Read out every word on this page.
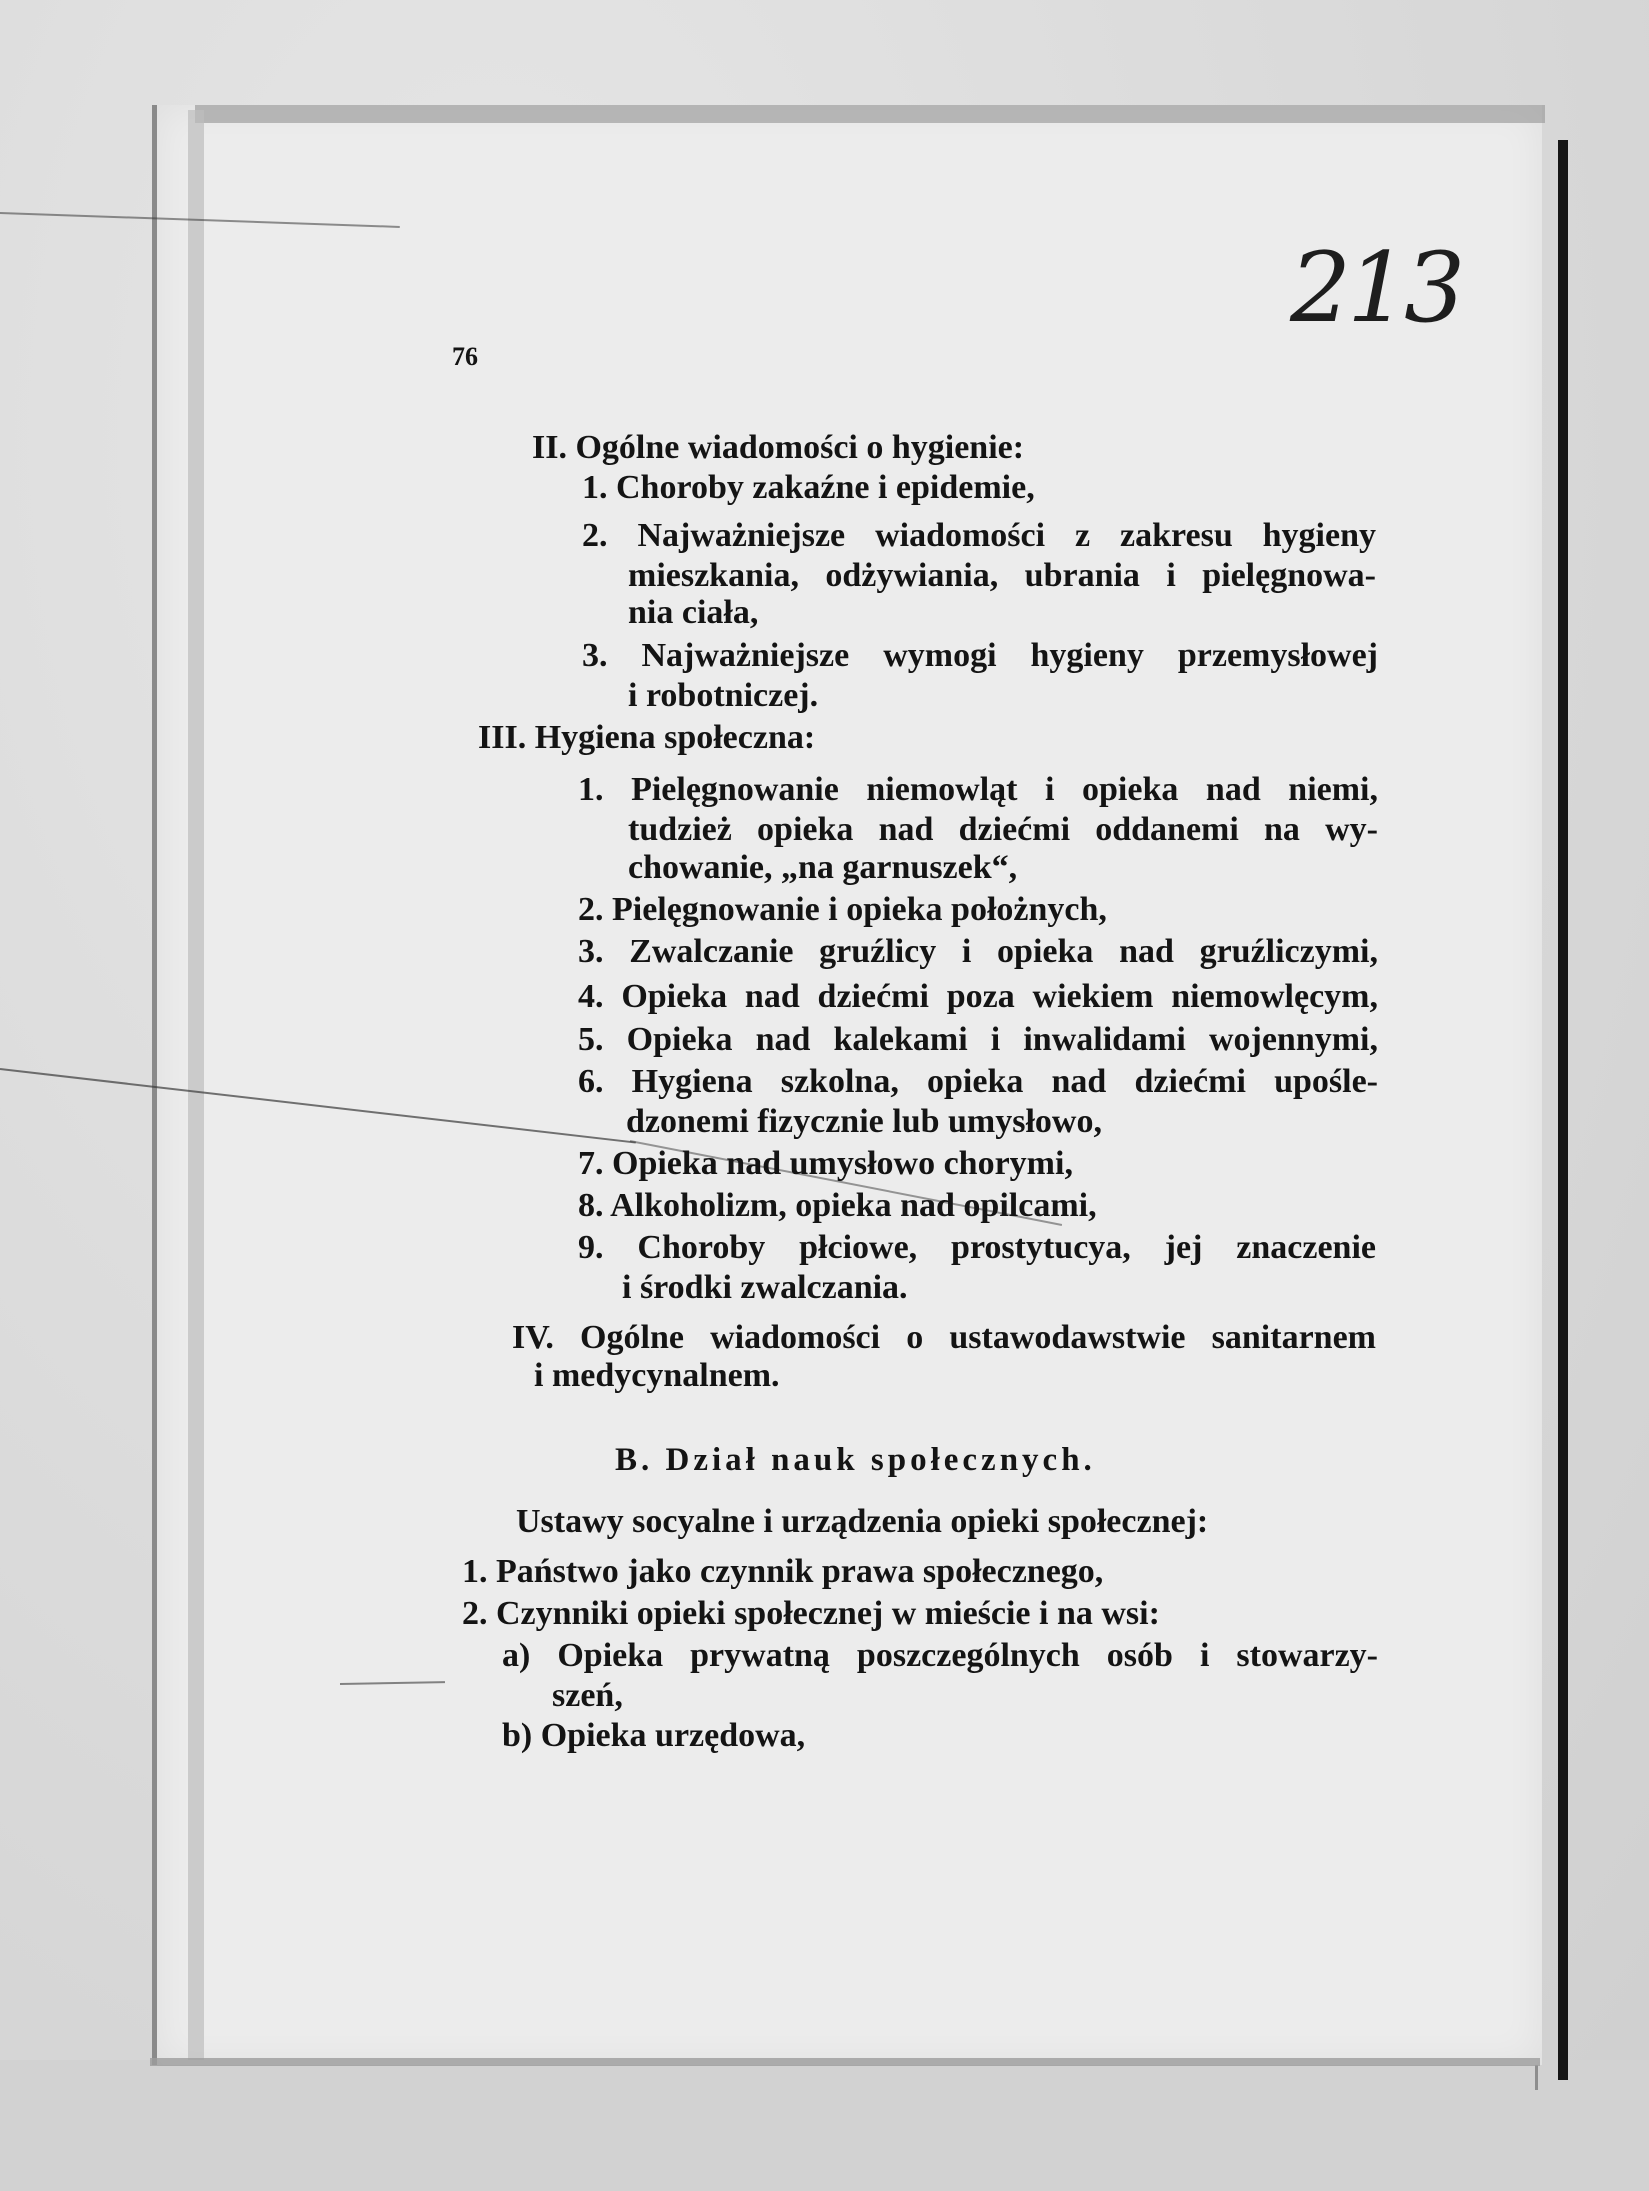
76
213
II. Ogólne wiadomości o hygienie:
1. Choroby zakaźne i epidemie,
2. Najważniejsze wiadomości z zakresu hygieny
mieszkania, odżywiania, ubrania i pielęgnowa-
nia ciała,
3. Najważniejsze wymogi hygieny przemysłowej
i robotniczej.
III. Hygiena społeczna:
1. Pielęgnowanie niemowląt i opieka nad niemi,
tudzież opieka nad dziećmi oddanemi na wy-
chowanie, „na garnuszek“,
2. Pielęgnowanie i opieka położnych,
3. Zwalczanie gruźlicy i opieka nad gruźliczymi,
4. Opieka nad dziećmi poza wiekiem niemowlęcym,
5. Opieka nad kalekami i inwalidami wojennymi,
6. Hygiena szkolna, opieka nad dziećmi upośle-
dzonemi fizycznie lub umysłowo,
7. Opieka nad umysłowo chorymi,
8. Alkoholizm, opieka nad opilcami,
9. Choroby płciowe, prostytucya, jej znaczenie
i środki zwalczania.
IV. Ogólne wiadomości o ustawodawstwie sanitarnem
i medycynalnem.
B. Dział nauk społecznych.
Ustawy socyalne i urządzenia opieki społecznej:
1. Państwo jako czynnik prawa społecznego,
2. Czynniki opieki społecznej w mieście i na wsi:
a) Opieka prywatną poszczególnych osób i stowarzy-
szeń,
b) Opieka urzędowa,
